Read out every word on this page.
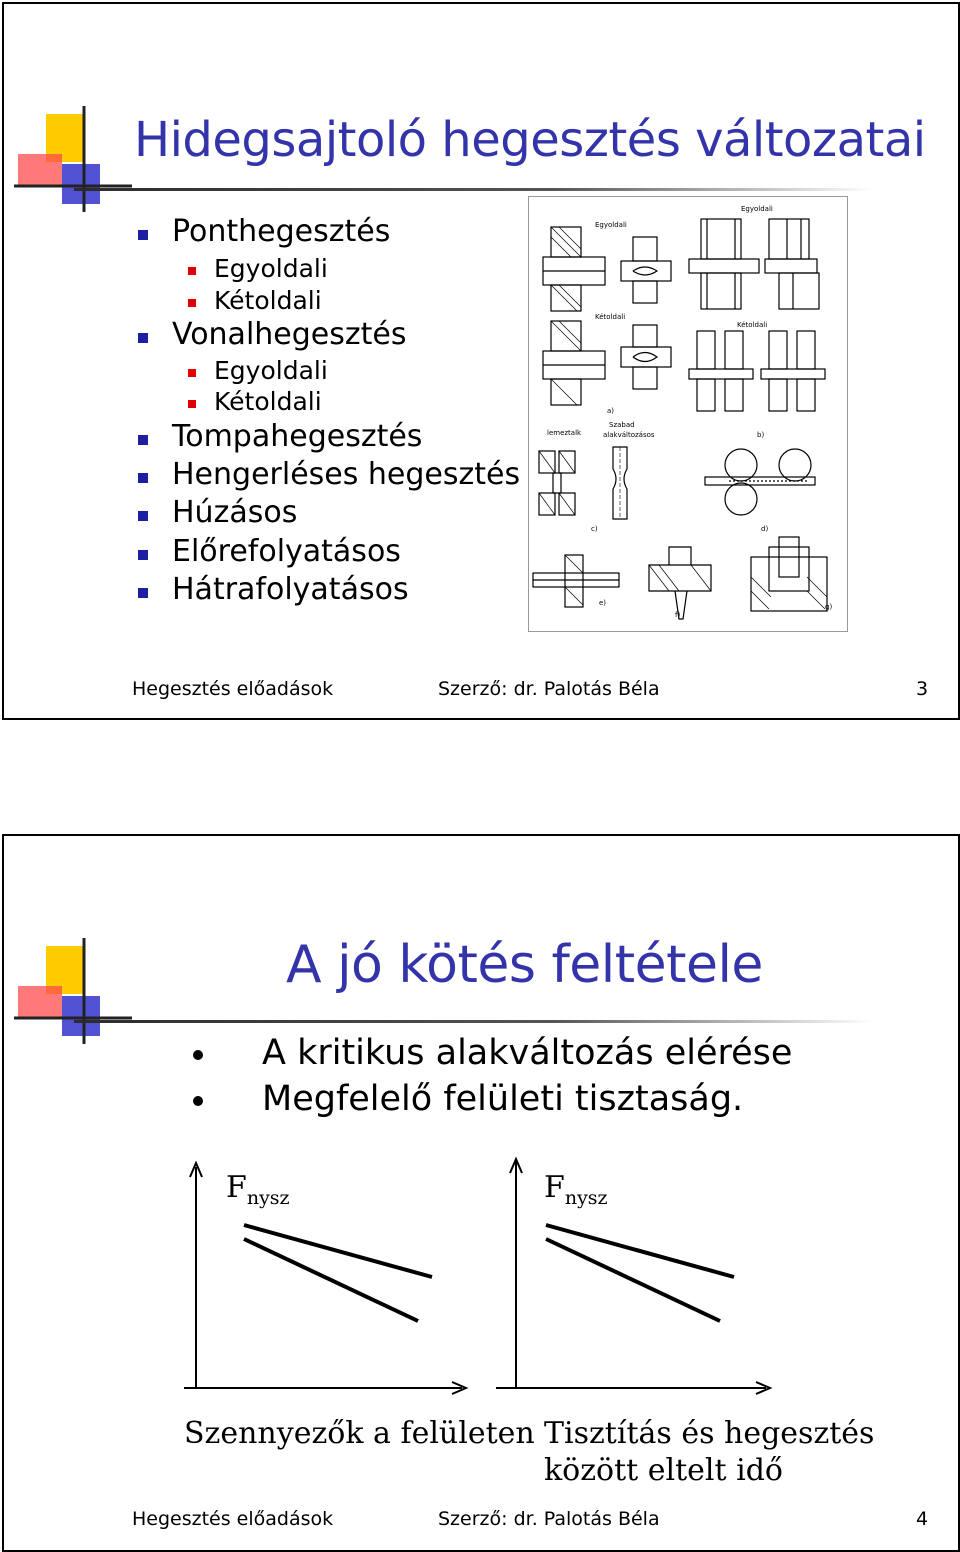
Hidegsajtoló hegesztés változatai
Ponthegesztés
Egyoldali
Kétoldali
Vonalhegesztés
Egyoldali
Kétoldali
Tompahegesztés
Hengerléses hegesztés
Húzásos
Előrefolyatásos
Hátrafolyatásos
Egyoldali
Egyoldali
Kétoldali
Kétoldali
a)
b)
lemeztalk
Szabad
alakváltozásos
c)	d)
e)
f)
g)
Hegesztés előadások	Szerző: dr. Palotás Béla	3
A jó kötés feltétele
A kritikus alakváltozás elérése
Megfelelő felületi tisztaság.
$F_{nysz}$
Szennyezők a felületen
$F_{nysz}$
Tisztítás és hegesztés
között eltelt idő
Hegesztés előadások	Szerző: dr. Palotás Béla	4
